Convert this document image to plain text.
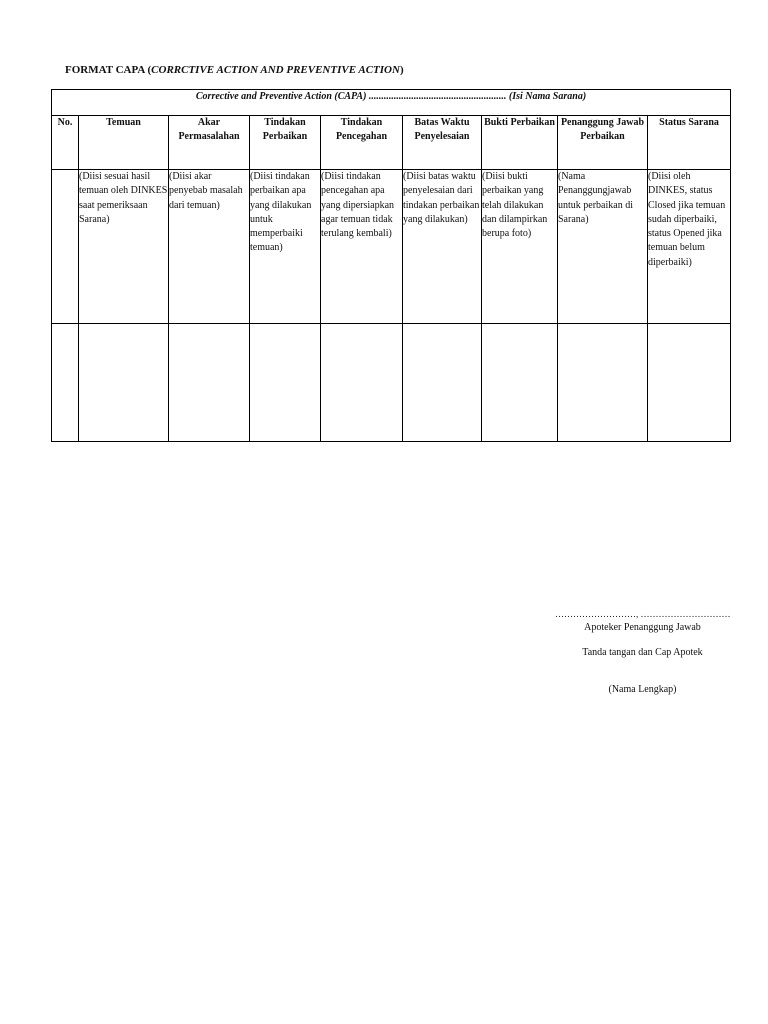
FORMAT CAPA (CORRCTIVE ACTION AND PREVENTIVE ACTION)
Corrective and Preventive Action (CAPA) ....................................................... (Isi Nama Sarana)								
No.	Temuan	Akar Permasalahan	Tindakan Perbaikan	Tindakan Pencegahan	Batas Waktu Penyelesaian	Bukti Perbaikan	Penanggung Jawab Perbaikan	Status Sarana
	(Diisi sesuai hasil temuan oleh DINKES saat pemeriksaan Sarana)	(Diisi akar penyebab masalah dari temuan)	(Diisi tindakan perbaikan apa yang dilakukan untuk memperbaiki temuan)	(Diisi tindakan pencegahan apa yang dipersiapkan agar temuan tidak terulang kembali)	(Diisi batas waktu penyelesaian dari tindakan perbaikan yang dilakukan)	(Diisi bukti perbaikan yang telah dilakukan dan dilampirkan berupa foto)	(Nama Penanggungjawab untuk perbaikan di Sarana)	(Diisi oleh DINKES, status Closed jika temuan sudah diperbaiki, status Opened jika temuan belum diperbaiki)

………………………, …………………………
Apoteker Penanggung Jawab
Tanda tangan dan Cap Apotek
(Nama Lengkap)
